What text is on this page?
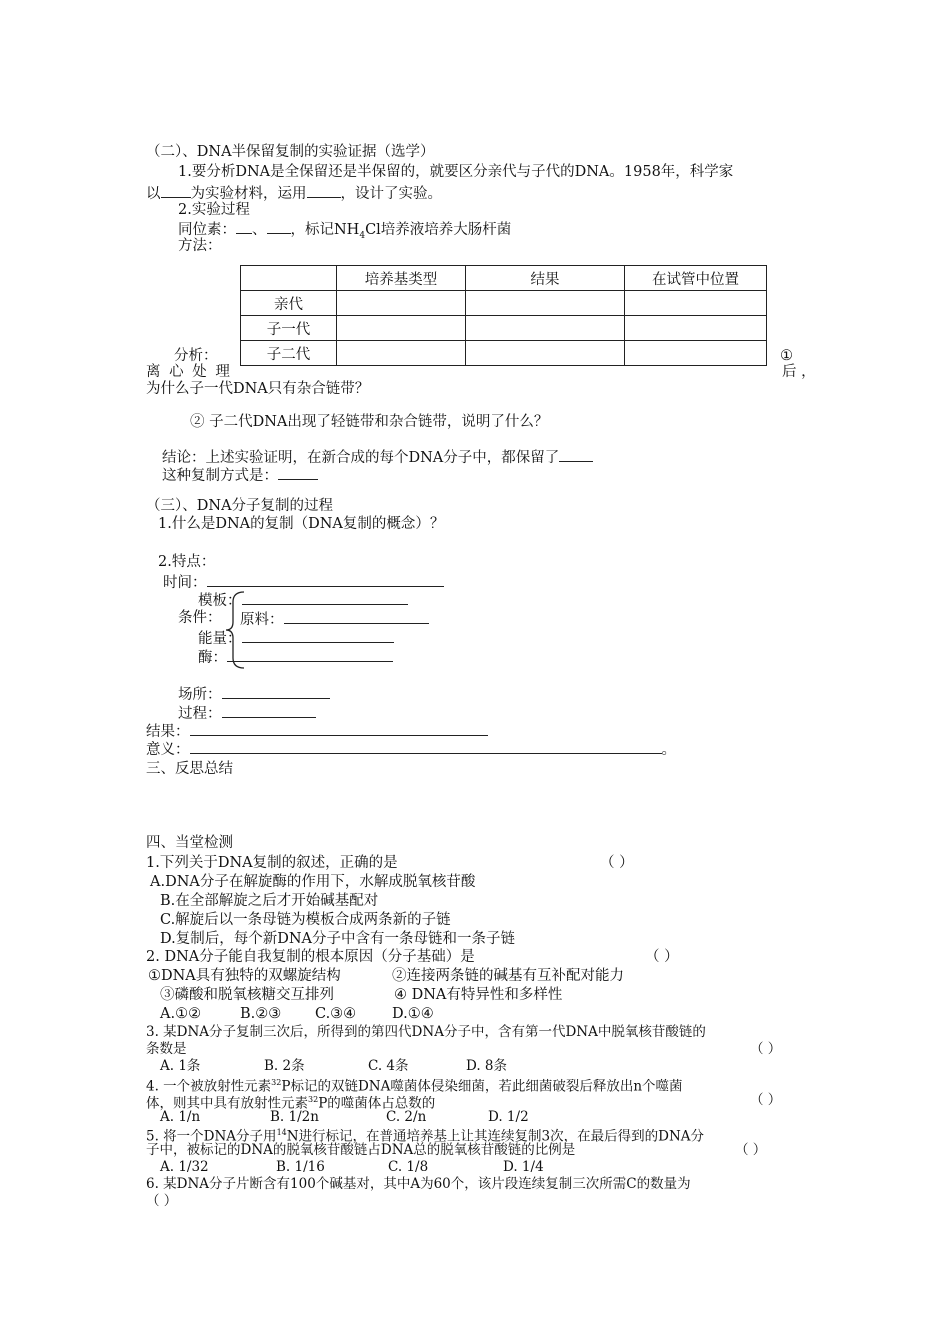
（二）、DNA半保留复制的实验证据（选学）
1.要分析DNA是全保留还是半保留的，就要区分亲代与子代的DNA。1958年，科学家
以 为实验材料，运用 ，设计了实验。
2.实验过程
同位素： 、 ，标记$NH_4Cl$培养液培养大肠杆菌
方法：
	培养基类型	结果	在试管中位置
亲代			
子一代			
子二代			
分析：	①
离 心 处 理	后 ，
为什么子一代DNA只有杂合链带？
② 子二代DNA出现了轻链带和杂合链带，说明了什么？
结论：上述实验证明，在新合成的每个DNA分子中，都保留了
这种复制方式是：
（三）、DNA分子复制的过程
1.什么是DNA的复制（DNA复制的概念）？
2.特点：
时间：
模板：
条件： 原料：
能量：
酶：
场所：
过程：
结果：
意义：	。
三、反思总结
四、当堂检测
1.下列关于DNA复制的叙述，正确的是	（ ）
A.DNA分子在解旋酶的作用下，水解成脱氧核苷酸
B.在全部解旋之后才开始碱基配对
C.解旋后以一条母链为模板合成两条新的子链
D.复制后，每个新DNA分子中含有一条母链和一条子链
2. DNA分子能自我复制的根本原因（分子基础）是	（ ）
①DNA具有独特的双螺旋结构	②连接两条链的碱基有互补配对能力
③磷酸和脱氧核糖交互排列	④ DNA有特异性和多样性
A.①②	B.②③ C.③④ D.①④
3. 某DNA分子复制三次后，所得到的第四代DNA分子中，含有第一代DNA中脱氧核苷酸链的
条数是	（ ）
A. 1条	B. 2条	C. 4条	D. 8条
4. 一个被放射性元素$^{32}$P标记的双链DNA噬菌体侵染细菌，若此细菌破裂后释放出n个噬菌
体，则其中具有放射性元素$^{32}$P的噬菌体占总数的	（ ）
A. 1/n	B. 1/2n	C. 2/n	D. 1/2
5. 将一个DNA分子用$^{14}$N进行标记，在普通培养基上让其连续复制3次，在最后得到的DNA分
子中，被标记的DNA的脱氧核苷酸链占DNA总的脱氧核苷酸链的比例是	（ ）
A. 1/32	B. 1/16	C. 1/8	D. 1/4
6. 某DNA分子片断含有100个碱基对，其中A为60个，该片段连续复制三次所需C的数量为
（ ）
